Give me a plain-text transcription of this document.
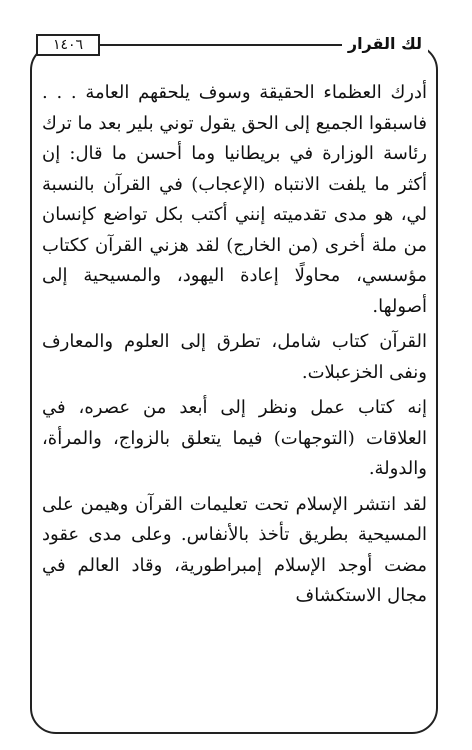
لك القرار
١٤٠٦

أدرك العظماء الحقيقة وسوف يلحقهم العامة . . . فاسبقوا الجميع إلى الحق يقول توني بلير بعد ما ترك رئاسة الوزارة في بريطانيا وما أحسن ما قال: إن أكثر ما يلفت الانتباه (الإعجاب) في القرآن بالنسبة لي، هو مدى تقدميته إنني أكتب بكل تواضع كإنسان من ملة أخرى (من الخارج) لقد هزني القرآن ككتاب مؤسسي، محاولًا إعادة اليهود، والمسيحية إلى أصولها.

القرآن كتاب شامل، تطرق إلى العلوم والمعارف ونفى الخزعبلات.

إنه كتاب عمل ونظر إلى أبعد من عصره، في العلاقات (التوجهات) فيما يتعلق بالزواج، والمرأة، والدولة.

لقد انتشر الإسلام تحت تعليمات القرآن وهيمن على المسيحية بطريق تأخذ بالأنفاس. وعلى مدى عقود مضت أوجد الإسلام إمبراطورية، وقاد العالم في مجال الاستكشاف
